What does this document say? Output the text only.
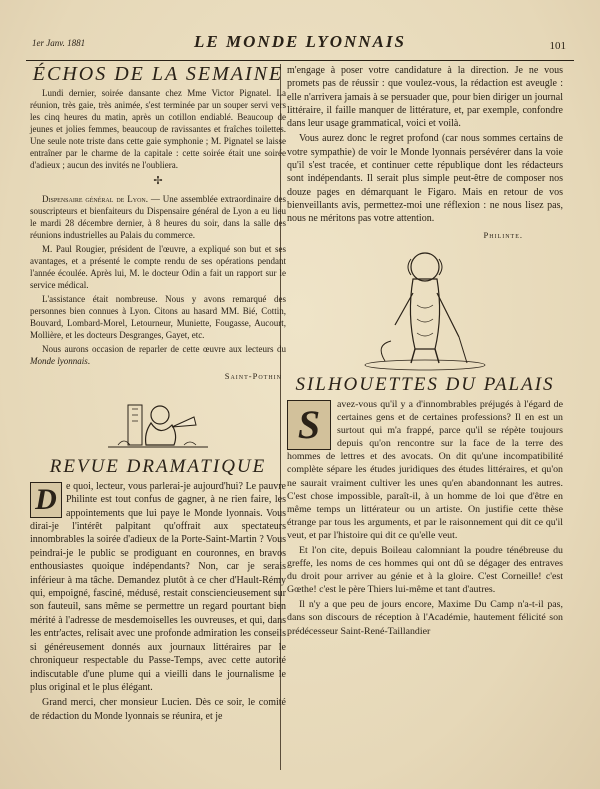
1er Janv. 1881	LE MONDE LYONNAIS	101
ÉCHOS DE LA SEMAINE

Lundi dernier, soirée dansante chez Mme Victor Pignatel. La réunion, très gaie, très animée, s'est terminée par un souper servi vers les cinq heures du matin, après un cotillon endiablé. Beaucoup de jeunes et jolies femmes, beaucoup de ravissantes et fraîches toilettes. Une seule note triste dans cette gaie symphonie ; M. Pignatel se laisse entraîner par le charme de la capitale : cette soirée était une soirée d'adieux ; aucun des invités ne l'oubliera.

✢

Dispensaire général de Lyon. — Une assemblée extraordinaire des souscripteurs et bienfaiteurs du Dispensaire général de Lyon a eu lieu le mardi 28 décembre dernier, à 8 heures du soir, dans la salle des réunions industrielles au Palais du commerce.

M. Paul Rougier, président de l'œuvre, a expliqué son but et ses avantages, et a présenté le compte rendu de ses opérations pendant l'année écoulée. Après lui, M. le docteur Odin a fait un rapport sur le service médical.

L'assistance était nombreuse. Nous y avons remarqué des personnes bien connues à Lyon. Citons au hasard MM. Bié, Cottin, Bouvard, Lombard-Morel, Letourneur, Muniette, Fougasse, Aucourt, Mollière, et les docteurs Desgranges, Gayet, etc.

Nous aurons occasion de reparler de cette œuvre aux lecteurs du Monde lyonnais.

Saint-Pothin
REVUE DRAMATIQUE

D e quoi, lecteur, vous parlerai-je aujourd'hui? Le pauvre Philinte est tout confus de gagner, à ne rien faire, les appointements que lui paye le Monde lyonnais. Vous dirai-je l'intérêt palpitant qu'offrait aux spectateurs innombrables la soirée d'adieux de la Porte-Saint-Martin ? Vous peindrai-je le public se prodiguant en couronnes, en bravos enthousiastes quoique indépendants? Non, car je serais inférieur à ma tâche. Demandez plutôt à ce cher d'Hault-Rémy qui, empoigné, fasciné, médusé, restait consciencieusement sur son fauteuil, sans même se permettre un regard pourtant bien mérité à l'adresse de mesdemoiselles les ouvreuses, et qui, dans les entr'actes, relisait avec une profonde admiration les conseils si généreusement donnés aux journaux littéraires par le chroniqueur respectable du Passe-Temps, avec cette autorité indiscutable d'une plume qui a vieilli dans le journalisme le plus original et le plus élégant.

Grand merci, cher monsieur Lucien. Dès ce soir, le comité de rédaction du Monde lyonnais se réunira, et je

m'engage à poser votre candidature à la direction. Je ne vous promets pas de réussir : que voulez-vous, la rédaction est aveugle : elle n'arrivera jamais à se persuader que, pour bien diriger un journal littéraire, il faille manquer de littérature, et, par exemple, confondre dans leur usage grammatical, voici et voilà.

Vous aurez donc le regret profond (car nous sommes certains de votre sympathie) de voir le Monde lyonnais persévérer dans la voie qu'il s'est tracée, et continuer cette république dont les rédacteurs sont indépendants. Il serait plus simple peut-être de composer nos douze pages en démarquant le Figaro. Mais en retour de vos bienveillants avis, permettez-moi une réflexion : ne nous lisez pas, nous ne méritons pas votre attention.

Philinte.
SILHOUETTES DU PALAIS

S	avez-vous qu'il y a d'innombrables préjugés à l'égard de certaines gens et de certaines professions? Il en est un surtout qui m'a frappé, parce qu'il se répète toujours depuis qu'on rencontre sur la face de la terre des hommes de lettres et des avocats. On dit qu'une incompatibilité complète sépare les études juridiques des études littéraires, et qu'on ne saurait vraiment cultiver les unes qu'en abandonnant les autres. C'est chose impossible, paraît-il, à un homme de loi que d'être en même temps un littérateur ou un artiste. On justifie cette thèse étrange par tous les arguments, et par le raisonnement qui dit ce qu'il veut, et par l'histoire qui dit ce qu'elle veut.

Et l'on cite, depuis Boileau calomniant la poudre ténébreuse du greffe, les noms de ces hommes qui ont dû se dégager des entraves du droit pour arriver au génie et à la gloire. C'est Corneille! c'est Gœthe! c'est le père Thiers lui-même et tant d'autres.

Il n'y a que peu de jours encore, Maxime Du Camp n'a-t-il pas, dans son discours de réception à l'Académie, hautement félicité son prédécesseur Saint-René-Taillandier
